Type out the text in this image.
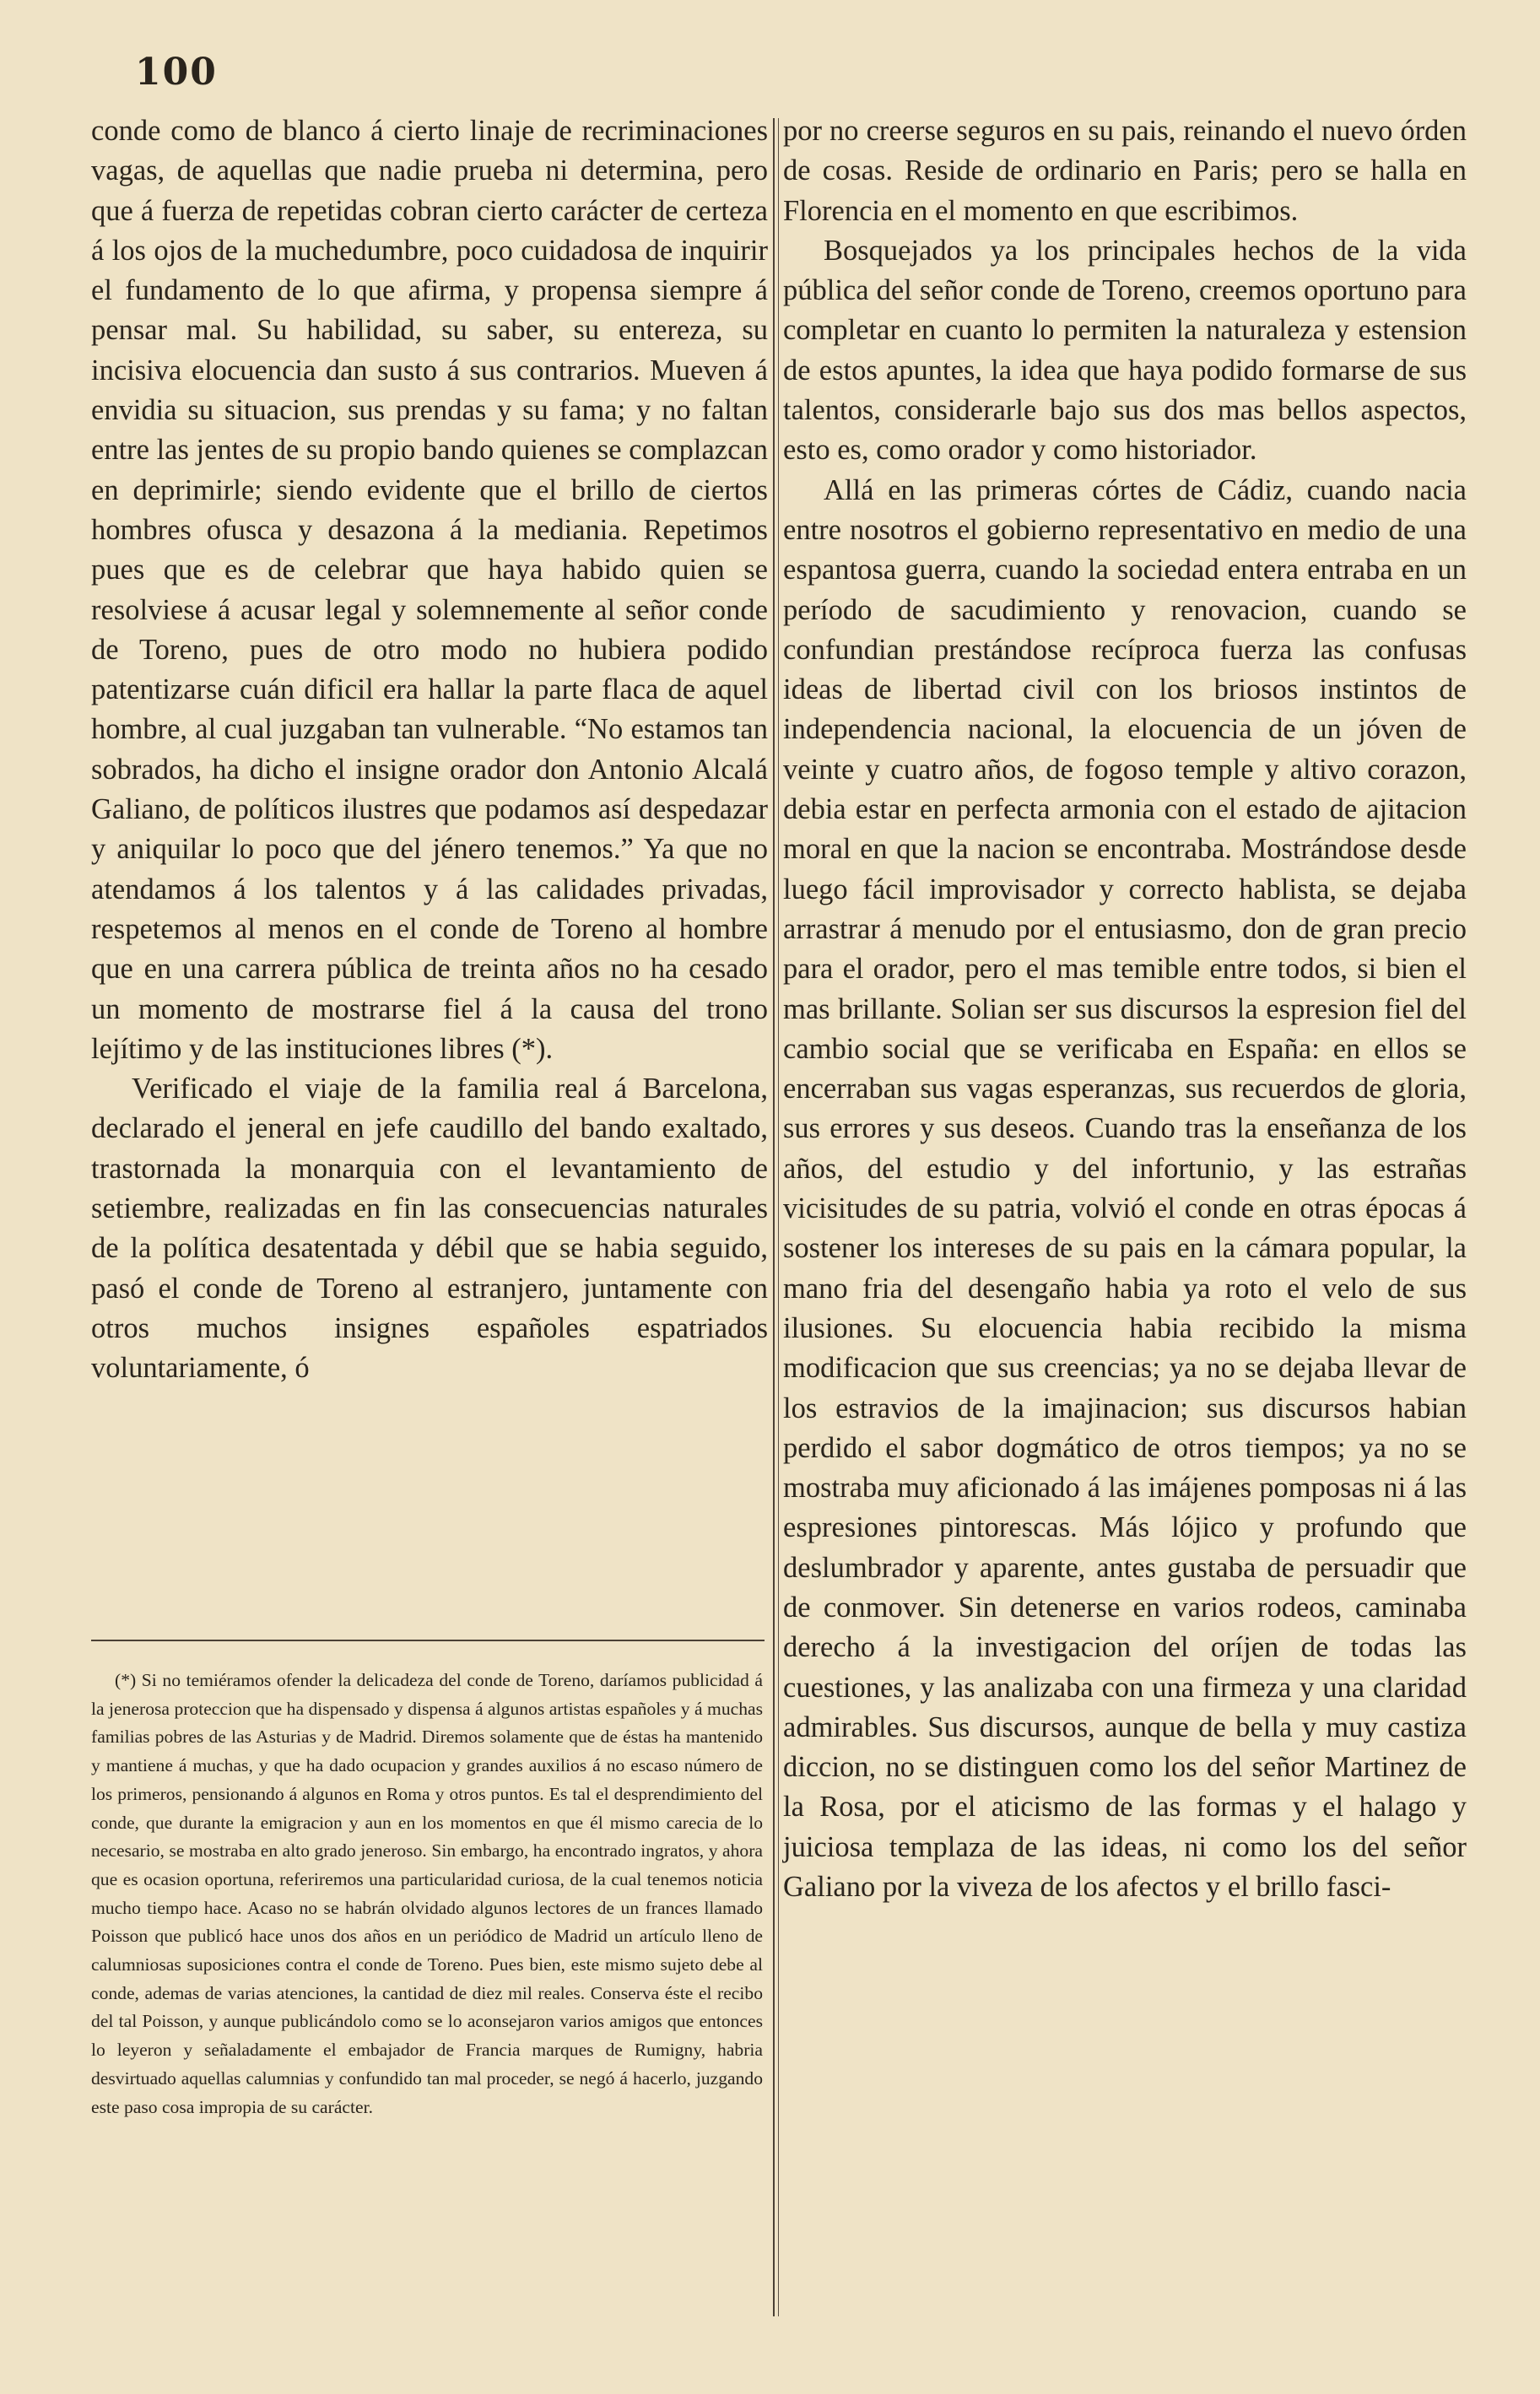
100

conde como de blanco á cierto linaje de recriminaciones vagas, de aquellas que nadie prueba ni determina, pero que á fuerza de repetidas cobran cierto carácter de certeza á los ojos de la muchedumbre, poco cuidadosa de inquirir el fundamento de lo que afirma, y propensa siempre á pensar mal. Su habilidad, su saber, su entereza, su incisiva elocuencia dan susto á sus contrarios. Mueven á envidia su situacion, sus prendas y su fama; y no faltan entre las jentes de su propio bando quienes se complazcan en deprimirle; siendo evidente que el brillo de ciertos hombres ofusca y desazona á la mediania. Repetimos pues que es de celebrar que haya habido quien se resolviese á acusar legal y solemnemente al señor conde de Toreno, pues de otro modo no hubiera podido patentizarse cuán dificil era hallar la parte flaca de aquel hombre, al cual juzgaban tan vulnerable. “No estamos tan sobrados, ha dicho el insigne orador don Antonio Alcalá Galiano, de políticos ilustres que podamos así despedazar y aniquilar lo poco que del jénero tenemos.” Ya que no atendamos á los talentos y á las calidades privadas, respetemos al menos en el conde de Toreno al hombre que en una carrera pública de treinta años no ha cesado un momento de mostrarse fiel á la causa del trono lejítimo y de las instituciones libres (*).

Verificado el viaje de la familia real á Barcelona, declarado el jeneral en jefe caudillo del bando exaltado, trastornada la monarquia con el levantamiento de setiembre, realizadas en fin las consecuencias naturales de la política desatentada y débil que se habia seguido, pasó el conde de Toreno al estranjero, juntamente con otros muchos insignes españoles espatriados voluntariamente, ó

(*) Si no temiéramos ofender la delicadeza del conde de Toreno, daríamos publicidad á la jenerosa proteccion que ha dispensado y dispensa á algunos artistas españoles y á muchas familias pobres de las Asturias y de Madrid. Diremos solamente que de éstas ha mantenido y mantiene á muchas, y que ha dado ocupacion y grandes auxilios á no escaso número de los primeros, pensionando á algunos en Roma y otros puntos. Es tal el desprendimiento del conde, que durante la emigracion y aun en los momentos en que él mismo carecia de lo necesario, se mostraba en alto grado jeneroso. Sin embargo, ha encontrado ingratos, y ahora que es ocasion oportuna, referiremos una particularidad curiosa, de la cual tenemos noticia mucho tiempo hace. Acaso no se habrán olvidado algunos lectores de un frances llamado Poisson que publicó hace unos dos años en un periódico de Madrid un artículo lleno de calumniosas suposiciones contra el conde de Toreno. Pues bien, este mismo sujeto debe al conde, ademas de varias atenciones, la cantidad de diez mil reales. Conserva éste el recibo del tal Poisson, y aunque publicándolo como se lo aconsejaron varios amigos que entonces lo leyeron y señaladamente el embajador de Francia marques de Rumigny, habria desvirtuado aquellas calumnias y confundido tan mal proceder, se negó á hacerlo, juzgando este paso cosa impropia de su carácter.

por no creerse seguros en su pais, reinando el nuevo órden de cosas. Reside de ordinario en Paris; pero se halla en Florencia en el momento en que escribimos.

Bosquejados ya los principales hechos de la vida pública del señor conde de Toreno, creemos oportuno para completar en cuanto lo permiten la naturaleza y estension de estos apuntes, la idea que haya podido formarse de sus talentos, considerarle bajo sus dos mas bellos aspectos, esto es, como orador y como historiador.

Allá en las primeras córtes de Cádiz, cuando nacia entre nosotros el gobierno representativo en medio de una espantosa guerra, cuando la sociedad entera entraba en un período de sacudimiento y renovacion, cuando se confundian prestándose recíproca fuerza las confusas ideas de libertad civil con los briosos instintos de independencia nacional, la elocuencia de un jóven de veinte y cuatro años, de fogoso temple y altivo corazon, debia estar en perfecta armonia con el estado de ajitacion moral en que la nacion se encontraba. Mostrándose desde luego fácil improvisador y correcto hablista, se dejaba arrastrar á menudo por el entusiasmo, don de gran precio para el orador, pero el mas temible entre todos, si bien el mas brillante. Solian ser sus discursos la espresion fiel del cambio social que se verificaba en España: en ellos se encerraban sus vagas esperanzas, sus recuerdos de gloria, sus errores y sus deseos. Cuando tras la enseñanza de los años, del estudio y del infortunio, y las estrañas vicisitudes de su patria, volvió el conde en otras épocas á sostener los intereses de su pais en la cámara popular, la mano fria del desengaño habia ya roto el velo de sus ilusiones. Su elocuencia habia recibido la misma modificacion que sus creencias; ya no se dejaba llevar de los estravios de la imajinacion; sus discursos habian perdido el sabor dogmático de otros tiempos; ya no se mostraba muy aficionado á las imájenes pomposas ni á las espresiones pintorescas. Más lójico y profundo que deslumbrador y aparente, antes gustaba de persuadir que de conmover. Sin detenerse en varios rodeos, caminaba derecho á la investigacion del oríjen de todas las cuestiones, y las analizaba con una firmeza y una claridad admirables. Sus discursos, aunque de bella y muy castiza diccion, no se distinguen como los del señor Martinez de la Rosa, por el aticismo de las formas y el halago y juiciosa templaza de las ideas, ni como los del señor Galiano por la viveza de los afectos y el brillo fasci-
